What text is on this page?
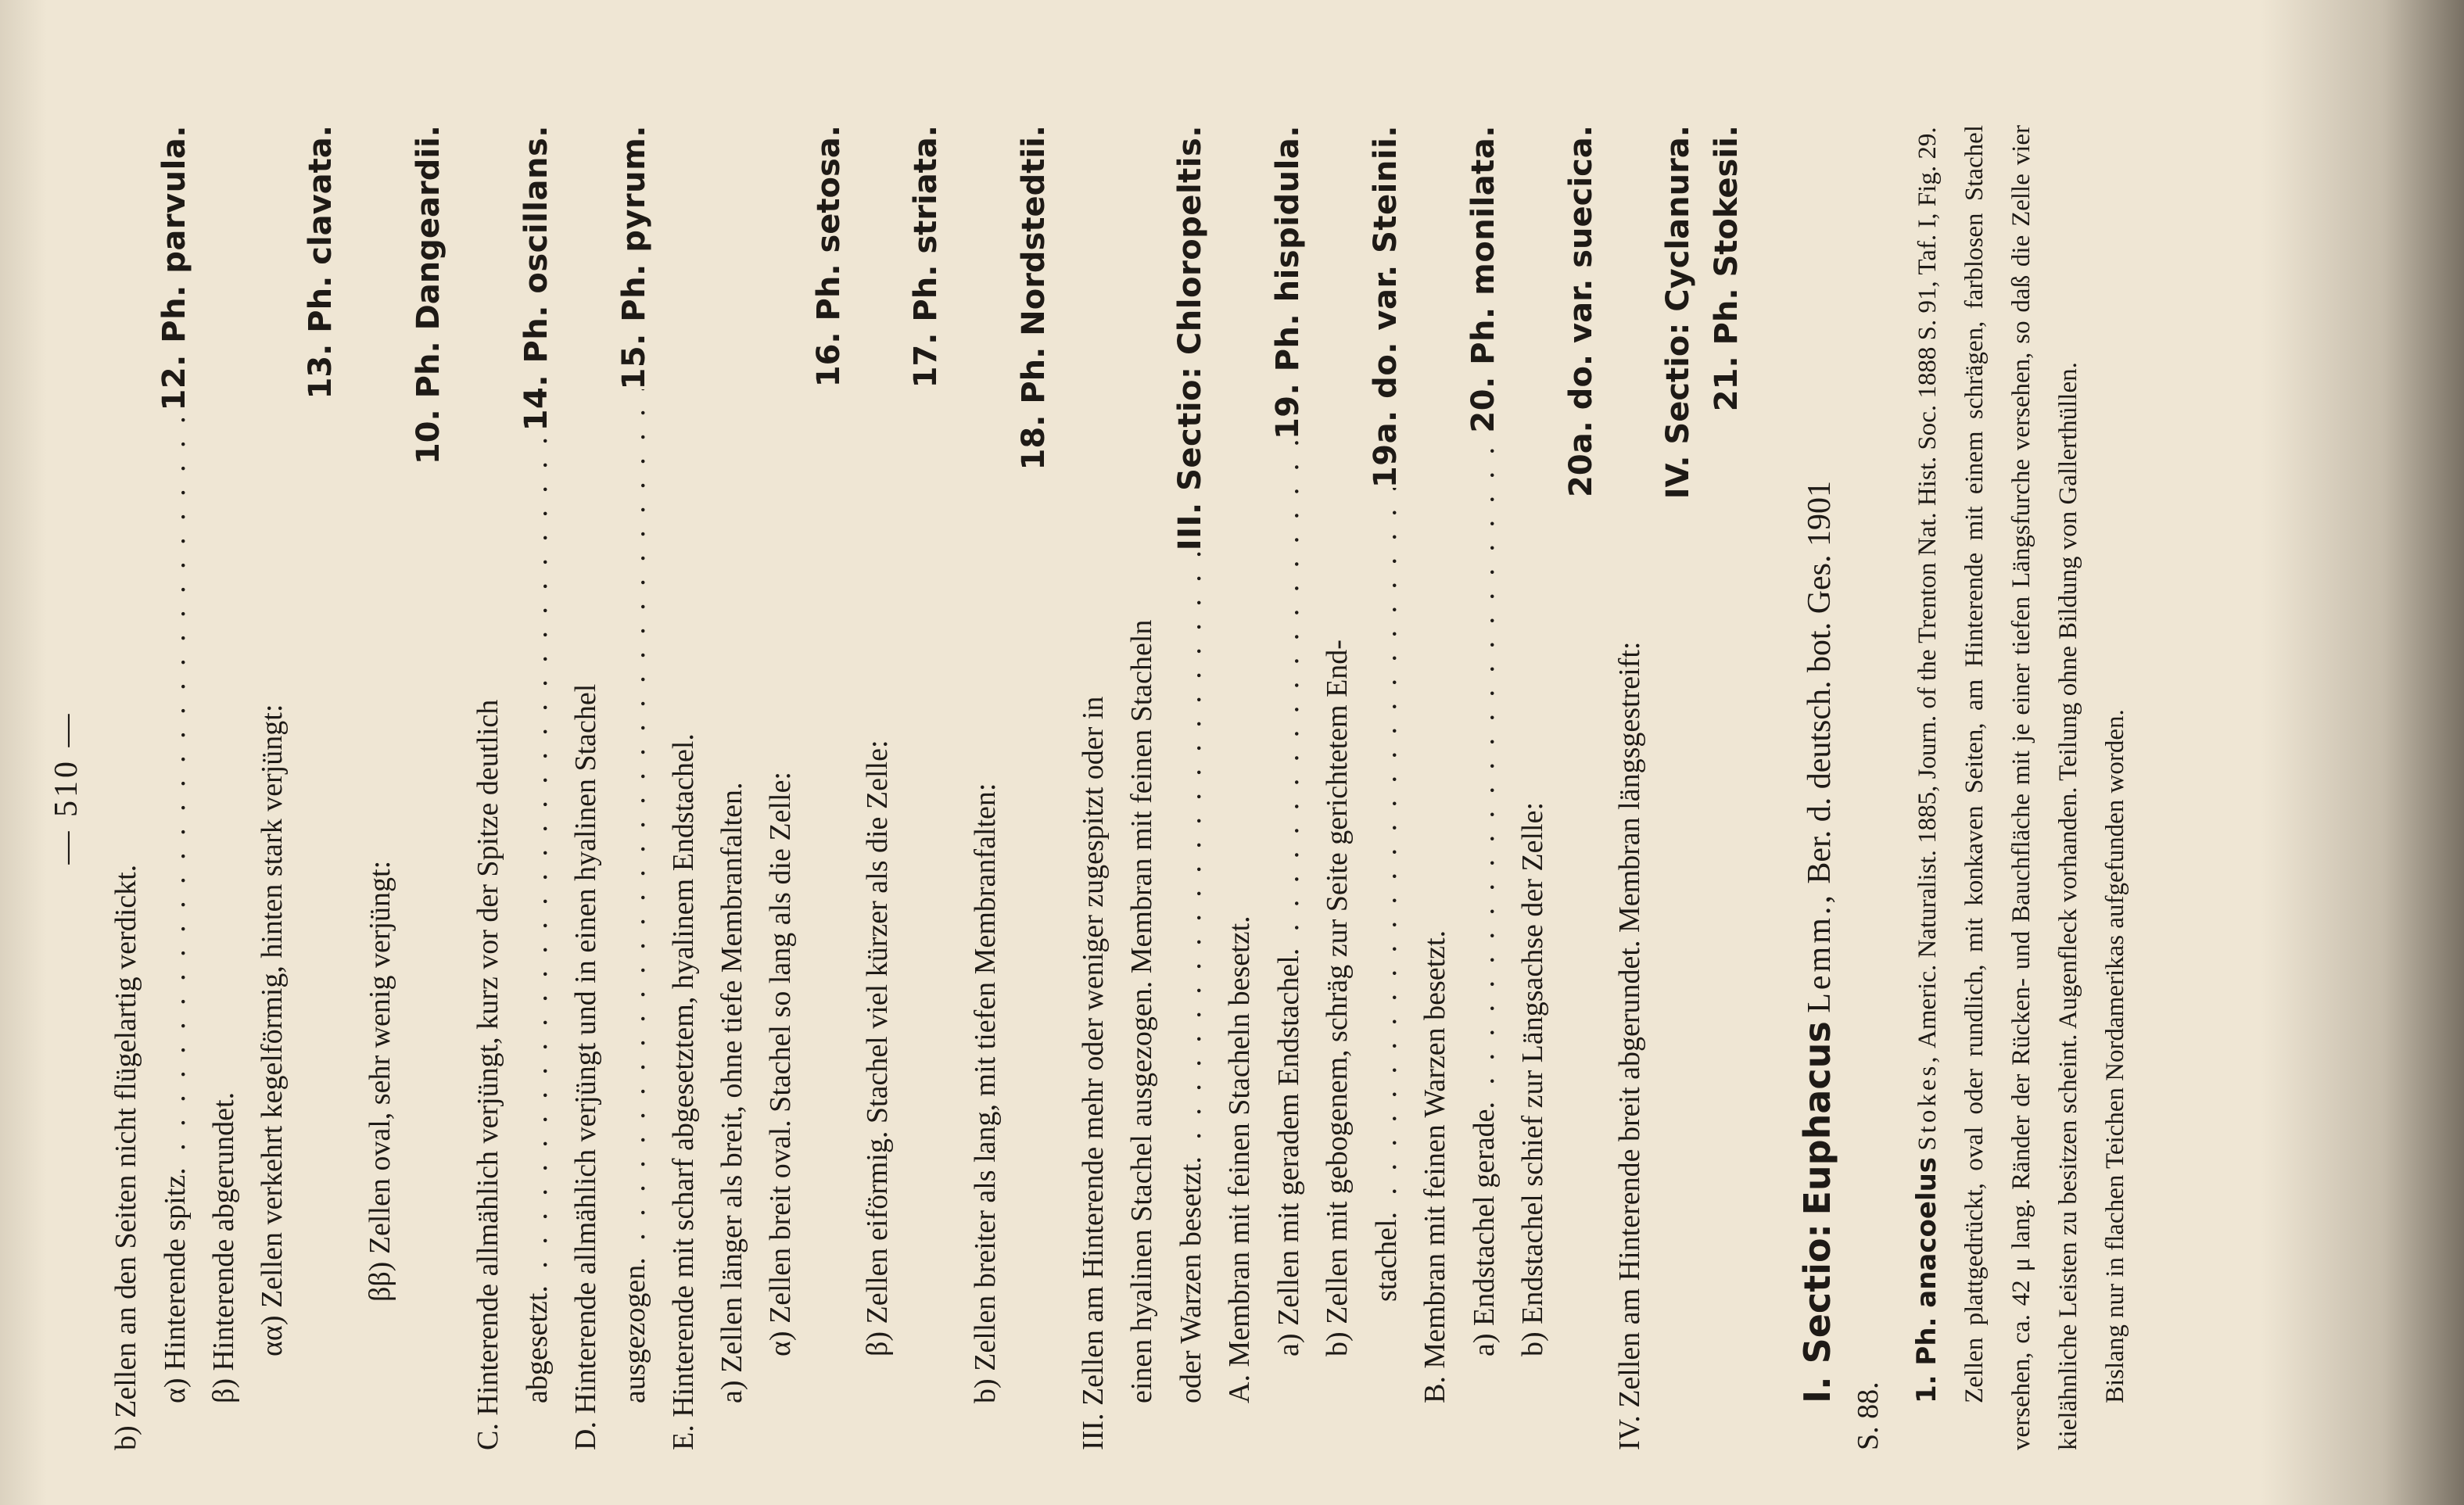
— 510 —
b) Zellen an den Seiten nicht flügelartig verdickt. α) Hinterende spitz
. . .
12. Ph. parvula.
β) Hinterende abgerundet. αα) Zellen verkehrt kegelförmig, hinten stark verjüngt:
13. Ph. clavata.
ββ) Zellen oval, sehr wenig verjüngt:
10. Ph. Dangeardii.
C. Hinterende allmählich verjüngt, kurz vor der Spitze deutlich abgesetzt
. . .
14. Ph. oscillans.
D. Hinterende allmählich verjüngt und in einen hyalinen Stachel ausgezogen
. . .
15. Ph. pyrum.
E. Hinterende mit scharf abgesetztem, hyalinem Endstachel. a) Zellen länger als breit, ohne tiefe Membranfalten. α) Zellen breit oval. Stachel so lang als die Zelle:
16. Ph. setosa.
β) Zellen eiförmig. Stachel viel kürzer als die Zelle:
17. Ph. striata.
b) Zellen breiter als lang, mit tiefen Membranfalten:
18. Ph. Nordstedtii.
III. Zellen am Hinterende mehr oder weniger zugespitzt oder in einen hyalinen Stachel ausgezogen. Membran mit feinen Stacheln oder Warzen besetzt
. . .
III. Sectio: Chloropeltis.
A. Membran mit feinen Stacheln besetzt. a) Zellen mit geradem Endstachel
. . .
19. Ph. hispidula.
b) Zellen mit gebogenem, schräg zur Seite gerichtetem End- stachel
. . .
19a. do. var. Steinii.
B. Membran mit feinen Warzen besetzt. a) Endstachel gerade
. . .
20. Ph. monilata.
b) Endstachel schief zur Längsachse der Zelle:
20a. do. var. suecica.
IV. Zellen am Hinterende breit abgerundet. Membran längsgestreift:
IV. Sectio: Cyclanura. 21. Ph. Stokesii.
I. Sectio: Euphacus Lemm., Ber. d. deutsch. bot. Ges. 1901
S. 88.
1. Ph. anacoelus Stokes, Americ. Naturalist. 1885, Journ. of the Trenton Nat. Hist. Soc. 1888 S. 91, Taf. I, Fig. 29. Zellen plattgedrückt, oval oder rundlich, mit konkaven Seiten, am Hinterende mit einem schrägen, farblosen Stachel versehen, ca. 42 μ lang. Ränder der Rücken- und Bauchfläche mit je einer tiefen Längsfurche versehen, so daß die Zelle vier kielähnliche Leisten zu besitzen scheint. Augenfleck vorhanden. Teilung ohne Bildung von Gallerthüllen. Bislang nur in flachen Teichen Nordamerikas aufgefunden worden.
